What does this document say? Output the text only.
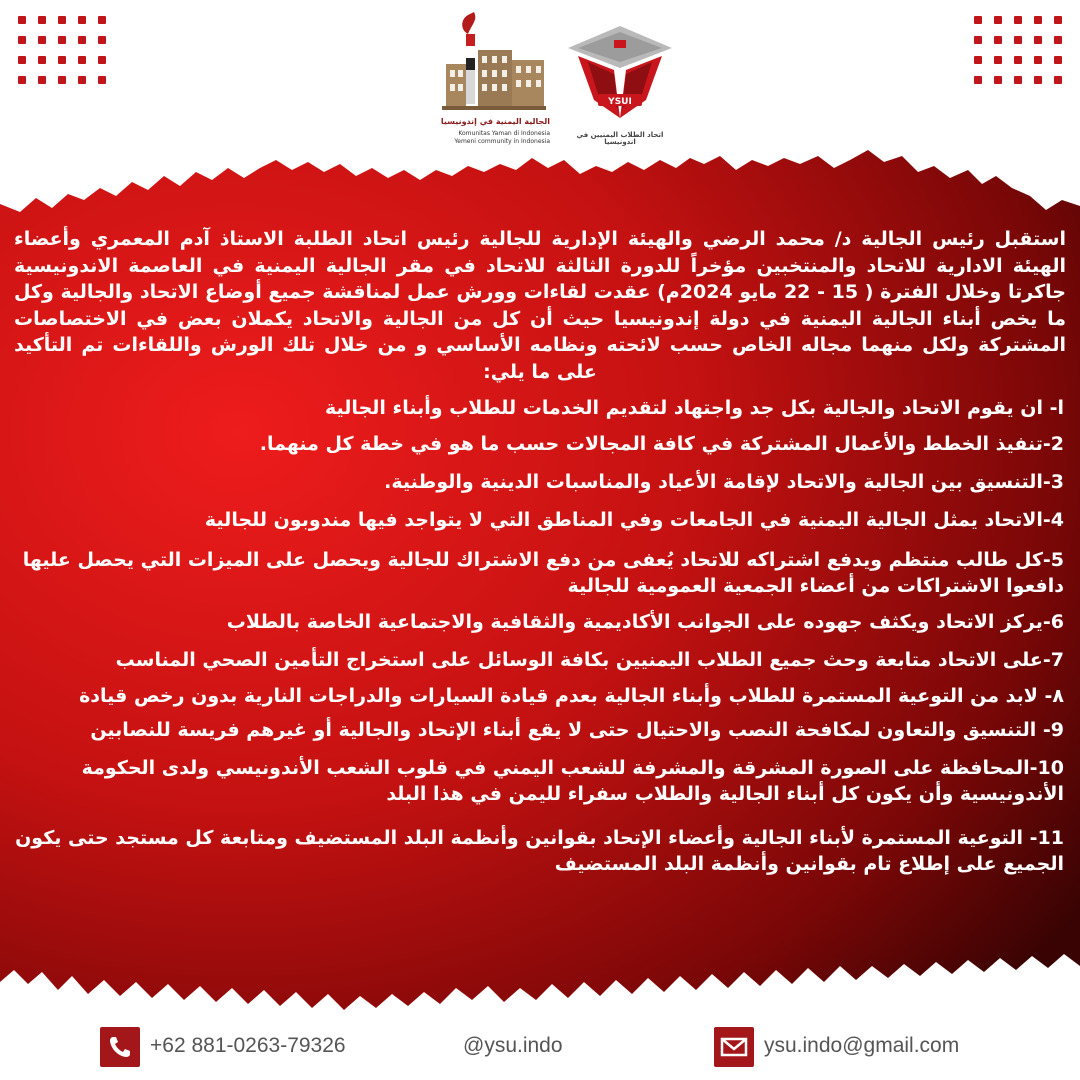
الجالية اليمنية في إندونيسيا
Komunitas Yaman di Indonesia
Yemeni community in Indonesia
YSUI
اتحاد الطلاب اليمنيين في اندونيسيا

استقبل رئيس الجالية د/ محمد الرضي والهيئة الإدارية للجالية رئيس اتحاد الطلبة الاستاذ آدم المعمري وأعضاء الهيئة الادارية للاتحاد والمنتخبين مؤخراً للدورة الثالثة للاتحاد في مقر الجالية اليمنية في العاصمة الاندونيسية جاكرتا وخلال الفترة ( 15 - 22 مايو 2024م) عقدت لقاءات وورش عمل لمناقشة جميع أوضاع الاتحاد والجالية وكل ما يخص أبناء الجالية اليمنية في دولة إندونيسيا حيث أن كل من الجالية والاتحاد يكملان بعض في الاختصاصات المشتركة ولكل منهما مجاله الخاص حسب لائحته ونظامه الأساسي و من خلال تلك الورش واللقاءات تم التأكيد على ما يلي:

ا- ان يقوم الاتحاد والجالية بكل جد واجتهاد لتقديم الخدمات للطلاب وأبناء الجالية

2-تنفيذ الخطط والأعمال المشتركة في كافة المجالات حسب ما هو في خطة كل منهما.

3-التنسيق بين الجالية والاتحاد لإقامة الأعياد والمناسبات الدينية والوطنية.

4-الاتحاد يمثل الجالية اليمنية في الجامعات وفي المناطق التي لا يتواجد فيها مندوبون للجالية

5-كل طالب منتظم ويدفع اشتراكه للاتحاد يُعفى من دفع الاشتراك للجالية ويحصل على الميزات التي يحصل عليها دافعوا الاشتراكات من أعضاء الجمعية العمومية للجالية

6-يركز الاتحاد ويكثف جهوده على الجوانب الأكاديمية والثقافية والاجتماعية الخاصة بالطلاب

7-على الاتحاد متابعة وحث جميع الطلاب اليمنيين بكافة الوسائل على استخراج التأمين الصحي المناسب

٨- لابد من التوعية المستمرة للطلاب وأبناء الجالية بعدم قيادة السيارات والدراجات النارية بدون رخص قيادة

9- التنسيق والتعاون لمكافحة النصب والاحتيال حتى لا يقع أبناء الإتحاد والجالية أو غيرهم فريسة للنصابين

10-المحافظة على الصورة المشرقة والمشرفة للشعب اليمني في قلوب الشعب الأندونيسي ولدى الحكومة الأندونيسية وأن يكون كل أبناء الجالية والطلاب سفراء لليمن في هذا البلد

11- التوعية المستمرة لأبناء الجالية وأعضاء الإتحاد بقوانين وأنظمة البلد المستضيف ومتابعة كل مستجد حتى يكون الجميع على إطلاع تام بقوانين وأنظمة البلد المستضيف

+62 881-0263-79326	@ysu.indo	ysu.indo@gmail.com
